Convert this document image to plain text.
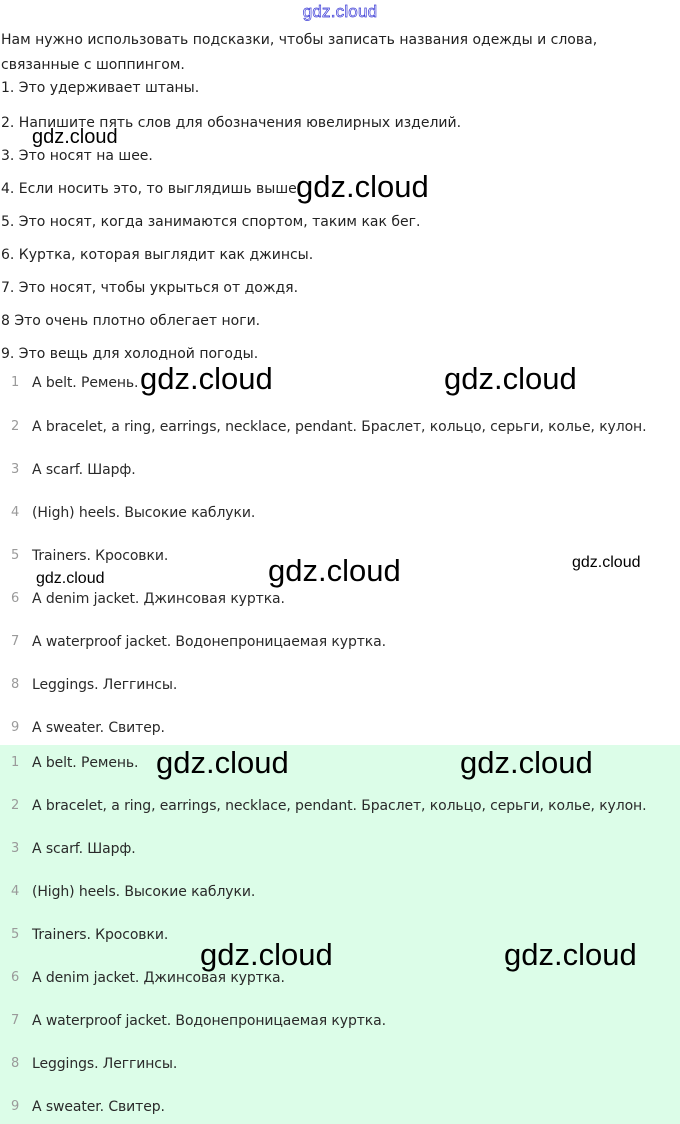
gdz.cloud
Нам нужно использовать подсказки, чтобы записать названия одежды и слова, связанные с шоппингом.
1. Это удерживает штаны.
2. Напишите пять слов для обозначения ювелирных изделий.
3. Это носят на шее.
4. Если носить это, то выглядишь выше.
5. Это носят, когда занимаются спортом, таким как бег.
6. Куртка, которая выглядит как джинсы.
7. Это носят, чтобы укрыться от дождя.
8 Это очень плотно облегает ноги.
9. Это вещь для холодной погоды.
1 A belt. Ремень.
2 A bracelet, a ring, earrings, necklace, pendant. Браслет, кольцо, серьги, колье, кулон.
3 A scarf. Шарф.
4 (High) heels. Высокие каблуки.
5 Trainers. Кросовки.
6 A denim jacket. Джинсовая куртка.
7 A waterproof jacket. Водонепроницаемая куртка.
8 Leggings. Леггинсы.
9 A sweater. Свитер.
1 A belt. Ремень.
2 A bracelet, a ring, earrings, necklace, pendant. Браслет, кольцо, серьги, колье, кулон.
3 A scarf. Шарф.
4 (High) heels. Высокие каблуки.
5 Trainers. Кросовки.
6 A denim jacket. Джинсовая куртка.
7 A waterproof jacket. Водонепроницаемая куртка.
8 Leggings. Леггинсы.
9 A sweater. Свитер.
gdz.cloud
gdz.cloud
gdz.cloud	gdz.cloud
gdz.cloud	gdz.cloud
gdz.cloud
gdz.cloud	gdz.cloud
gdz.cloud	gdz.cloud
